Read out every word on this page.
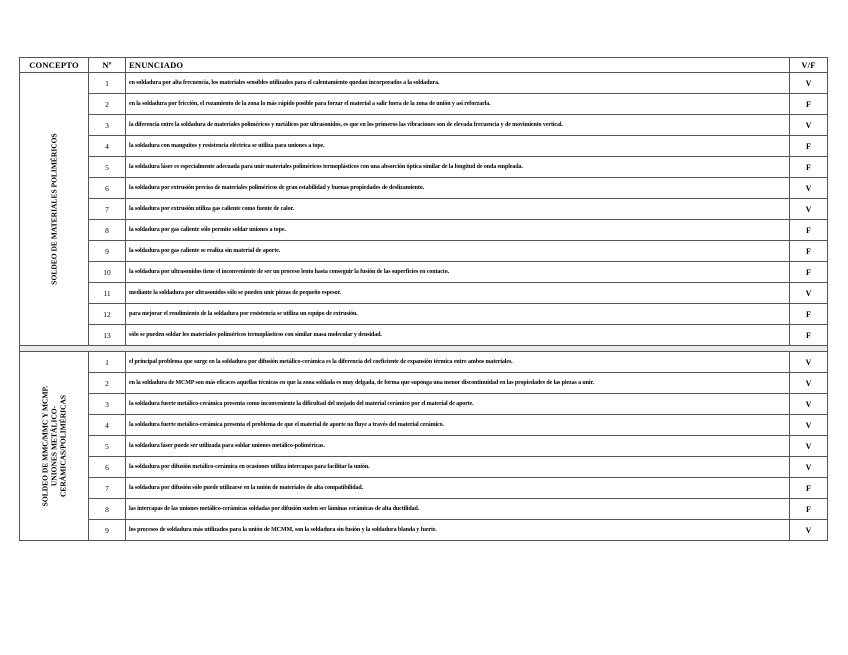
CONCEPTO	Nº	ENUNCIADO	V/F

SOLDEO DE MATERIALES POLIMÉRICOS	1	en soldadura por alta frecuencia, los materiales sensibles utilizados para el calentamiento quedan incorporados a la soldadura.	V
	2	en la soldadura por fricción, el rozamiento de la zona lo más rápido posible para forzar el material a salir fuera de la zona de unión y así reforzarla.	F
	3	la diferencia entre la soldadura de materiales poliméricos y metálicos por ultrasonidos, es que en los primeros las vibraciones son de elevada frecuencia y de movimiento vertical.	V
	4	la soldadura con manguitos y resistencia eléctrica se utiliza para uniones a tope.	F
	5	la soldadura láser es especialmente adecuada para unir materiales poliméricos termoplásticos con una absorción óptica similar de la longitud de onda empleada.	F
	6	la soldadura por extrusión precisa de materiales poliméricos de gran estabilidad y buenas propiedades de deslizamiento.	V
	7	la soldadura por extrusión utiliza gas caliente como fuente de calor.	V
	8	la soldadura por gas caliente sólo permite soldar uniones a tope.	F
	9	la soldadura por gas caliente se realiza sin material de aporte.	F
	10	la soldadura por ultrasonidos tiene el inconveniente de ser un proceso lento hasta conseguir la fusión de las superficies en contacto.	F
	11	mediante la soldadura por ultrasonidos sólo se pueden unir piezas de pequeño espesor.	V
	12	para mejorar el rendimiento de la soldadura por resistencia se utiliza un equipo de extrusión.	F
	13	sólo se pueden soldar los materiales poliméricos termoplásticos con similar masa molecular y densidad.	F

SOLDEO DE MMC/MMC Y MCMP.
UNIONES METÁLICO-
CERÁMICAS/POLIMÉRICAS	1	el principal problema que surge en la soldadura por difusión metálico-cerámica es la diferencia del coeficiente de expansión térmica entre ambos materiales.	V
	2	en la soldadura de MCMP son más eficaces aquellas técnicas en que la zona soldada es muy delgada, de forma que suponga una menor discontinuidad en las propiedades de las piezas a unir.	V
	3	la soldadura fuerte metálico-cerámica presenta como inconveniente la dificultad del mojado del material cerámico por el material de aporte.	V
	4	la soldadura fuerte metálico-cerámica presenta el problema de que el material de aporte no fluye a través del material cerámico.	V
	5	la soldadura láser puede ser utilizada para soldar uniones metálico-poliméricas.	V
	6	la soldadura por difusión metálico-cerámica en ocasiones utiliza intercapas para facilitar la unión.	V
	7	la soldadura por difusión sólo puede utilizarse en la unión de materiales de alta compatibilidad.	F
	8	las intercapas de las uniones metálico-cerámicas soldadas por difusión suelen ser láminas cerámicas de alta ductilidad.	F
	9	los procesos de soldadura más utilizados para la unión de MCMM, son la soldadura sin fusión y la soldadura blanda y fuerte.	V
